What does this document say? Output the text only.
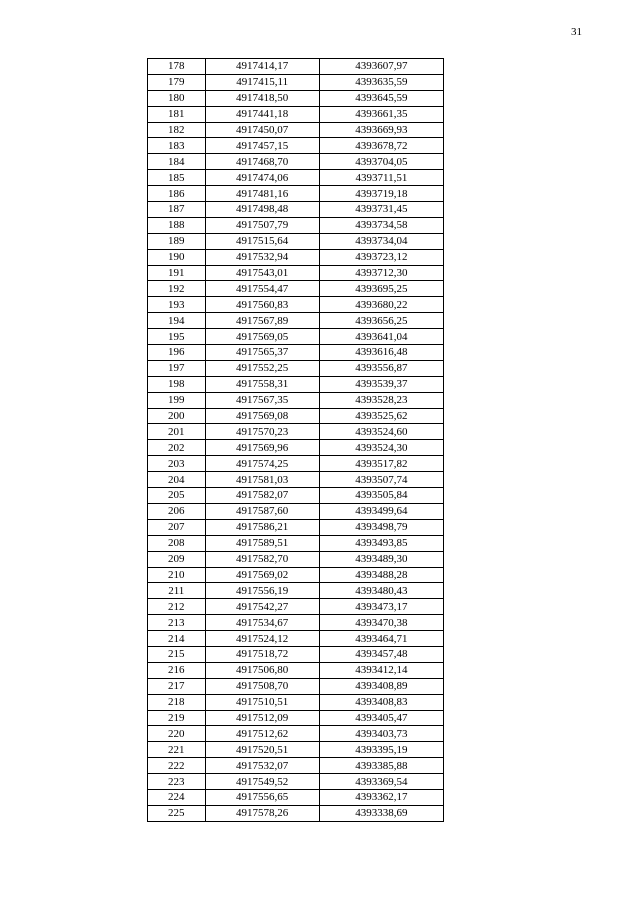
31
178	4917414,17	4393607,97
179	4917415,11	4393635,59
180	4917418,50	4393645,59
181	4917441,18	4393661,35
182	4917450,07	4393669,93
183	4917457,15	4393678,72
184	4917468,70	4393704,05
185	4917474,06	4393711,51
186	4917481,16	4393719,18
187	4917498,48	4393731,45
188	4917507,79	4393734,58
189	4917515,64	4393734,04
190	4917532,94	4393723,12
191	4917543,01	4393712,30
192	4917554,47	4393695,25
193	4917560,83	4393680,22
194	4917567,89	4393656,25
195	4917569,05	4393641,04
196	4917565,37	4393616,48
197	4917552,25	4393556,87
198	4917558,31	4393539,37
199	4917567,35	4393528,23
200	4917569,08	4393525,62
201	4917570,23	4393524,60
202	4917569,96	4393524,30
203	4917574,25	4393517,82
204	4917581,03	4393507,74
205	4917582,07	4393505,84
206	4917587,60	4393499,64
207	4917586,21	4393498,79
208	4917589,51	4393493,85
209	4917582,70	4393489,30
210	4917569,02	4393488,28
211	4917556,19	4393480,43
212	4917542,27	4393473,17
213	4917534,67	4393470,38
214	4917524,12	4393464,71
215	4917518,72	4393457,48
216	4917506,80	4393412,14
217	4917508,70	4393408,89
218	4917510,51	4393408,83
219	4917512,09	4393405,47
220	4917512,62	4393403,73
221	4917520,51	4393395,19
222	4917532,07	4393385,88
223	4917549,52	4393369,54
224	4917556,65	4393362,17
225	4917578,26	4393338,69
